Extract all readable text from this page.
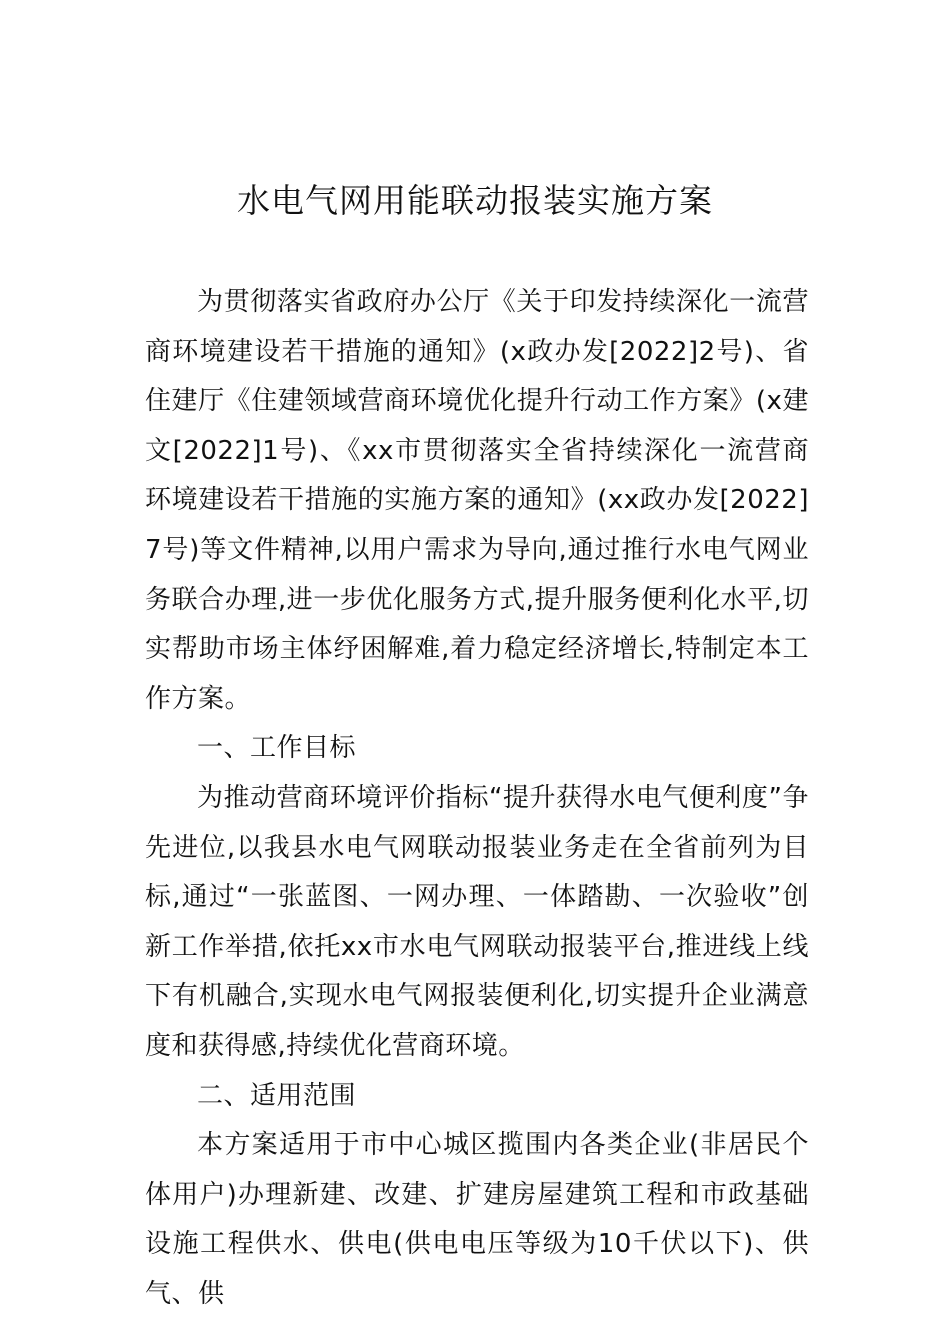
水电气网用能联动报装实施方案

为贯彻落实省政府办公厅《关于印发持续深化一流营商环境建设若干措施的通知》(x政办发[2022]2号)、省住建厅《住建领域营商环境优化提升行动工作方案》(x建文[2022]1号)、《xx市贯彻落实全省持续深化一流营商环境建设若干措施的实施方案的通知》(xx政办发[2022]7号)等文件精神,以用户需求为导向,通过推行水电气网业务联合办理,进一步优化服务方式,提升服务便利化水平,切实帮助市场主体纾困解难,着力稳定经济增长,特制定本工作方案。

一、工作目标

为推动营商环境评价指标“提升获得水电气便利度”争先进位,以我县水电气网联动报装业务走在全省前列为目标,通过“一张蓝图、一网办理、一体踏勘、一次验收”创新工作举措,依托xx市水电气网联动报装平台,推进线上线下有机融合,实现水电气网报装便利化,切实提升企业满意度和获得感,持续优化营商环境。

二、适用范围

本方案适用于市中心城区揽围内各类企业(非居民个体用户)办理新建、改建、扩建房屋建筑工程和市政基础设施工程供水、供电(供电电压等级为10千伏以下)、供气、供
